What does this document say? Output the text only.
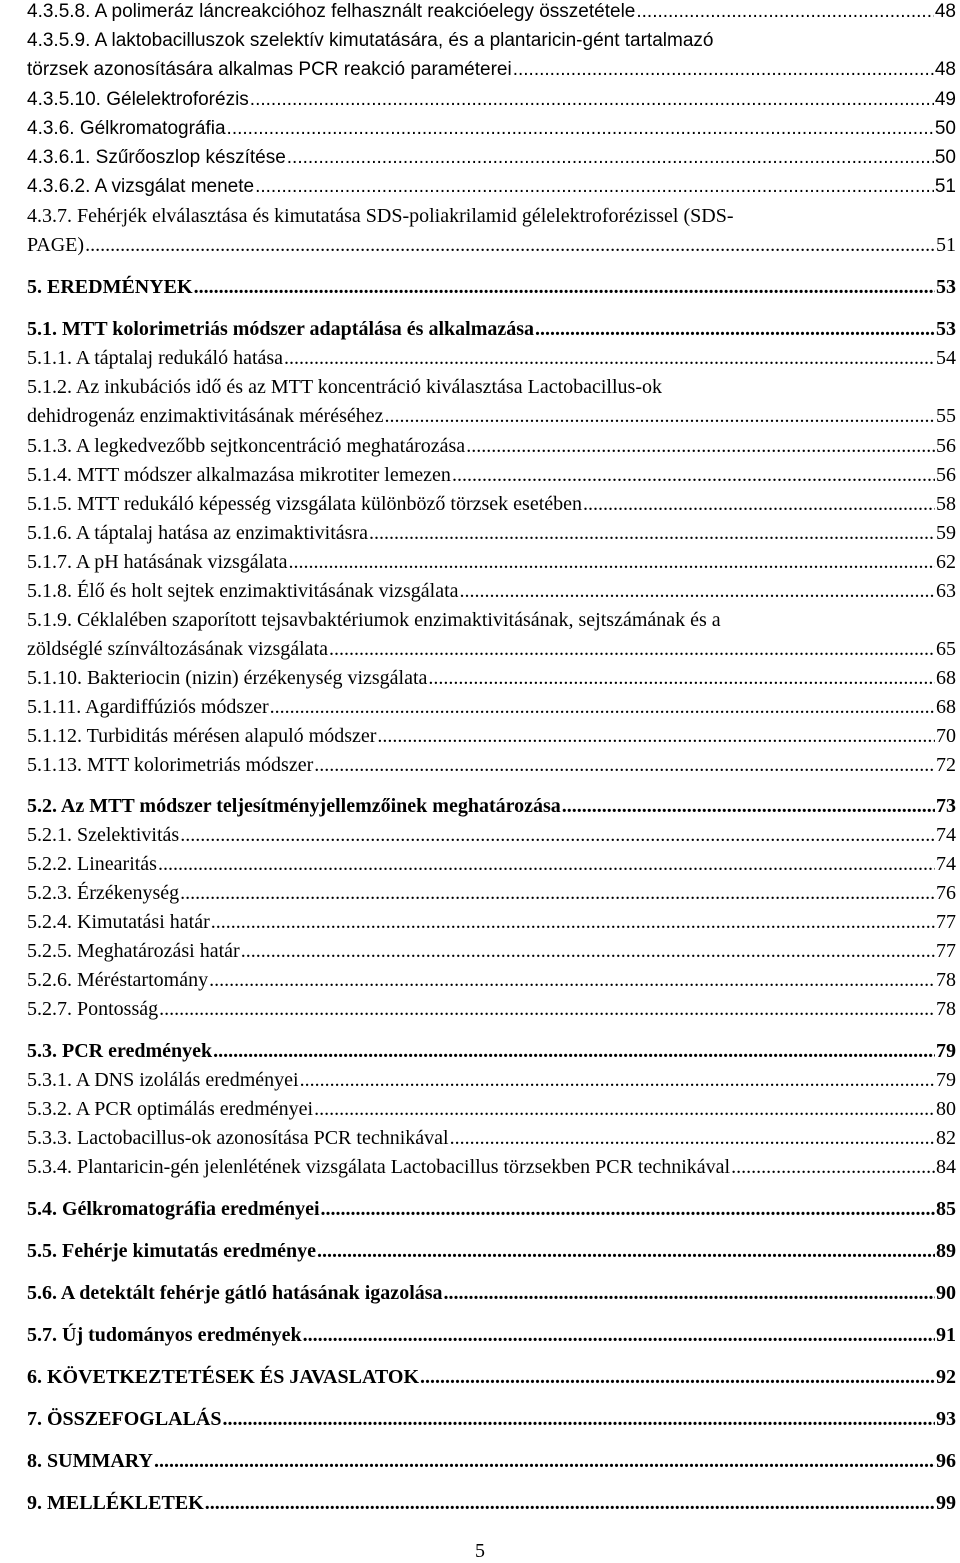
4.3.5.8. A polimeráz láncreakcióhoz felhasznált reakcióelegy összetétele .....	48
4.3.5.9. A laktobacilluszok szelektív kimutatására, és a plantaricin-gént tartalmazó
törzsek azonosítására alkalmas PCR reakció paraméterei .....	48
4.3.5.10. Gélelektroforézis .....	49
4.3.6. Gélkromatográfia .....	50
4.3.6.1. Szűrőoszlop készítése .....	50
4.3.6.2. A vizsgálat menete .....	51
4.3.7. Fehérjék elválasztása és kimutatása SDS-poliakrilamid gélelektroforézissel (SDS-
PAGE) .....	51
5. EREDMÉNYEK .....	53
5.1. MTT kolorimetriás módszer adaptálása és alkalmazása .....	53
5.1.1. A táptalaj redukáló hatása .....	54
5.1.2. Az inkubációs idő és az MTT koncentráció kiválasztása Lactobacillus-ok
dehidrogenáz enzimaktivitásának méréséhez .....	55
5.1.3. A legkedvezőbb sejtkoncentráció meghatározása .....	56
5.1.4. MTT módszer alkalmazása mikrotiter lemezen .....	56
5.1.5. MTT redukáló képesség vizsgálata különböző törzsek esetében .....	58
5.1.6. A táptalaj hatása az enzimaktivitásra .....	59
5.1.7. A pH hatásának vizsgálata .....	62
5.1.8. Élő és holt sejtek enzimaktivitásának vizsgálata .....	63
5.1.9. Céklalében szaporított tejsavbaktériumok enzimaktivitásának, sejtszámának és a
zöldséglé színváltozásának vizsgálata .....	65
5.1.10. Bakteriocin (nizin) érzékenység vizsgálata .....	68
5.1.11. Agardiffúziós módszer .....	68
5.1.12. Turbiditás mérésen alapuló módszer .....	70
5.1.13. MTT kolorimetriás módszer .....	72
5.2. Az MTT módszer teljesítményjellemzőinek meghatározása .....	73
5.2.1. Szelektivitás .....	74
5.2.2. Linearitás .....	74
5.2.3. Érzékenység .....	76
5.2.4. Kimutatási határ .....	77
5.2.5. Meghatározási határ .....	77
5.2.6. Méréstartomány .....	78
5.2.7. Pontosság .....	78
5.3. PCR eredmények .....	79
5.3.1. A DNS izolálás eredményei .....	79
5.3.2. A PCR optimálás eredményei .....	80
5.3.3. Lactobacillus-ok azonosítása PCR technikával .....	82
5.3.4. Plantaricin-gén jelenlétének vizsgálata Lactobacillus törzsekben PCR technikával .....	84
5.4. Gélkromatográfia eredményei .....	85
5.5. Fehérje kimutatás eredménye .....	89
5.6. A detektált fehérje gátló hatásának igazolása .....	90
5.7. Új tudományos eredmények .....	91
6. KÖVETKEZTETÉSEK ÉS JAVASLATOK .....	92
7. ÖSSZEFOGLALÁS .....	93
8. SUMMARY .....	96
9. MELLÉKLETEK .....	99
5
